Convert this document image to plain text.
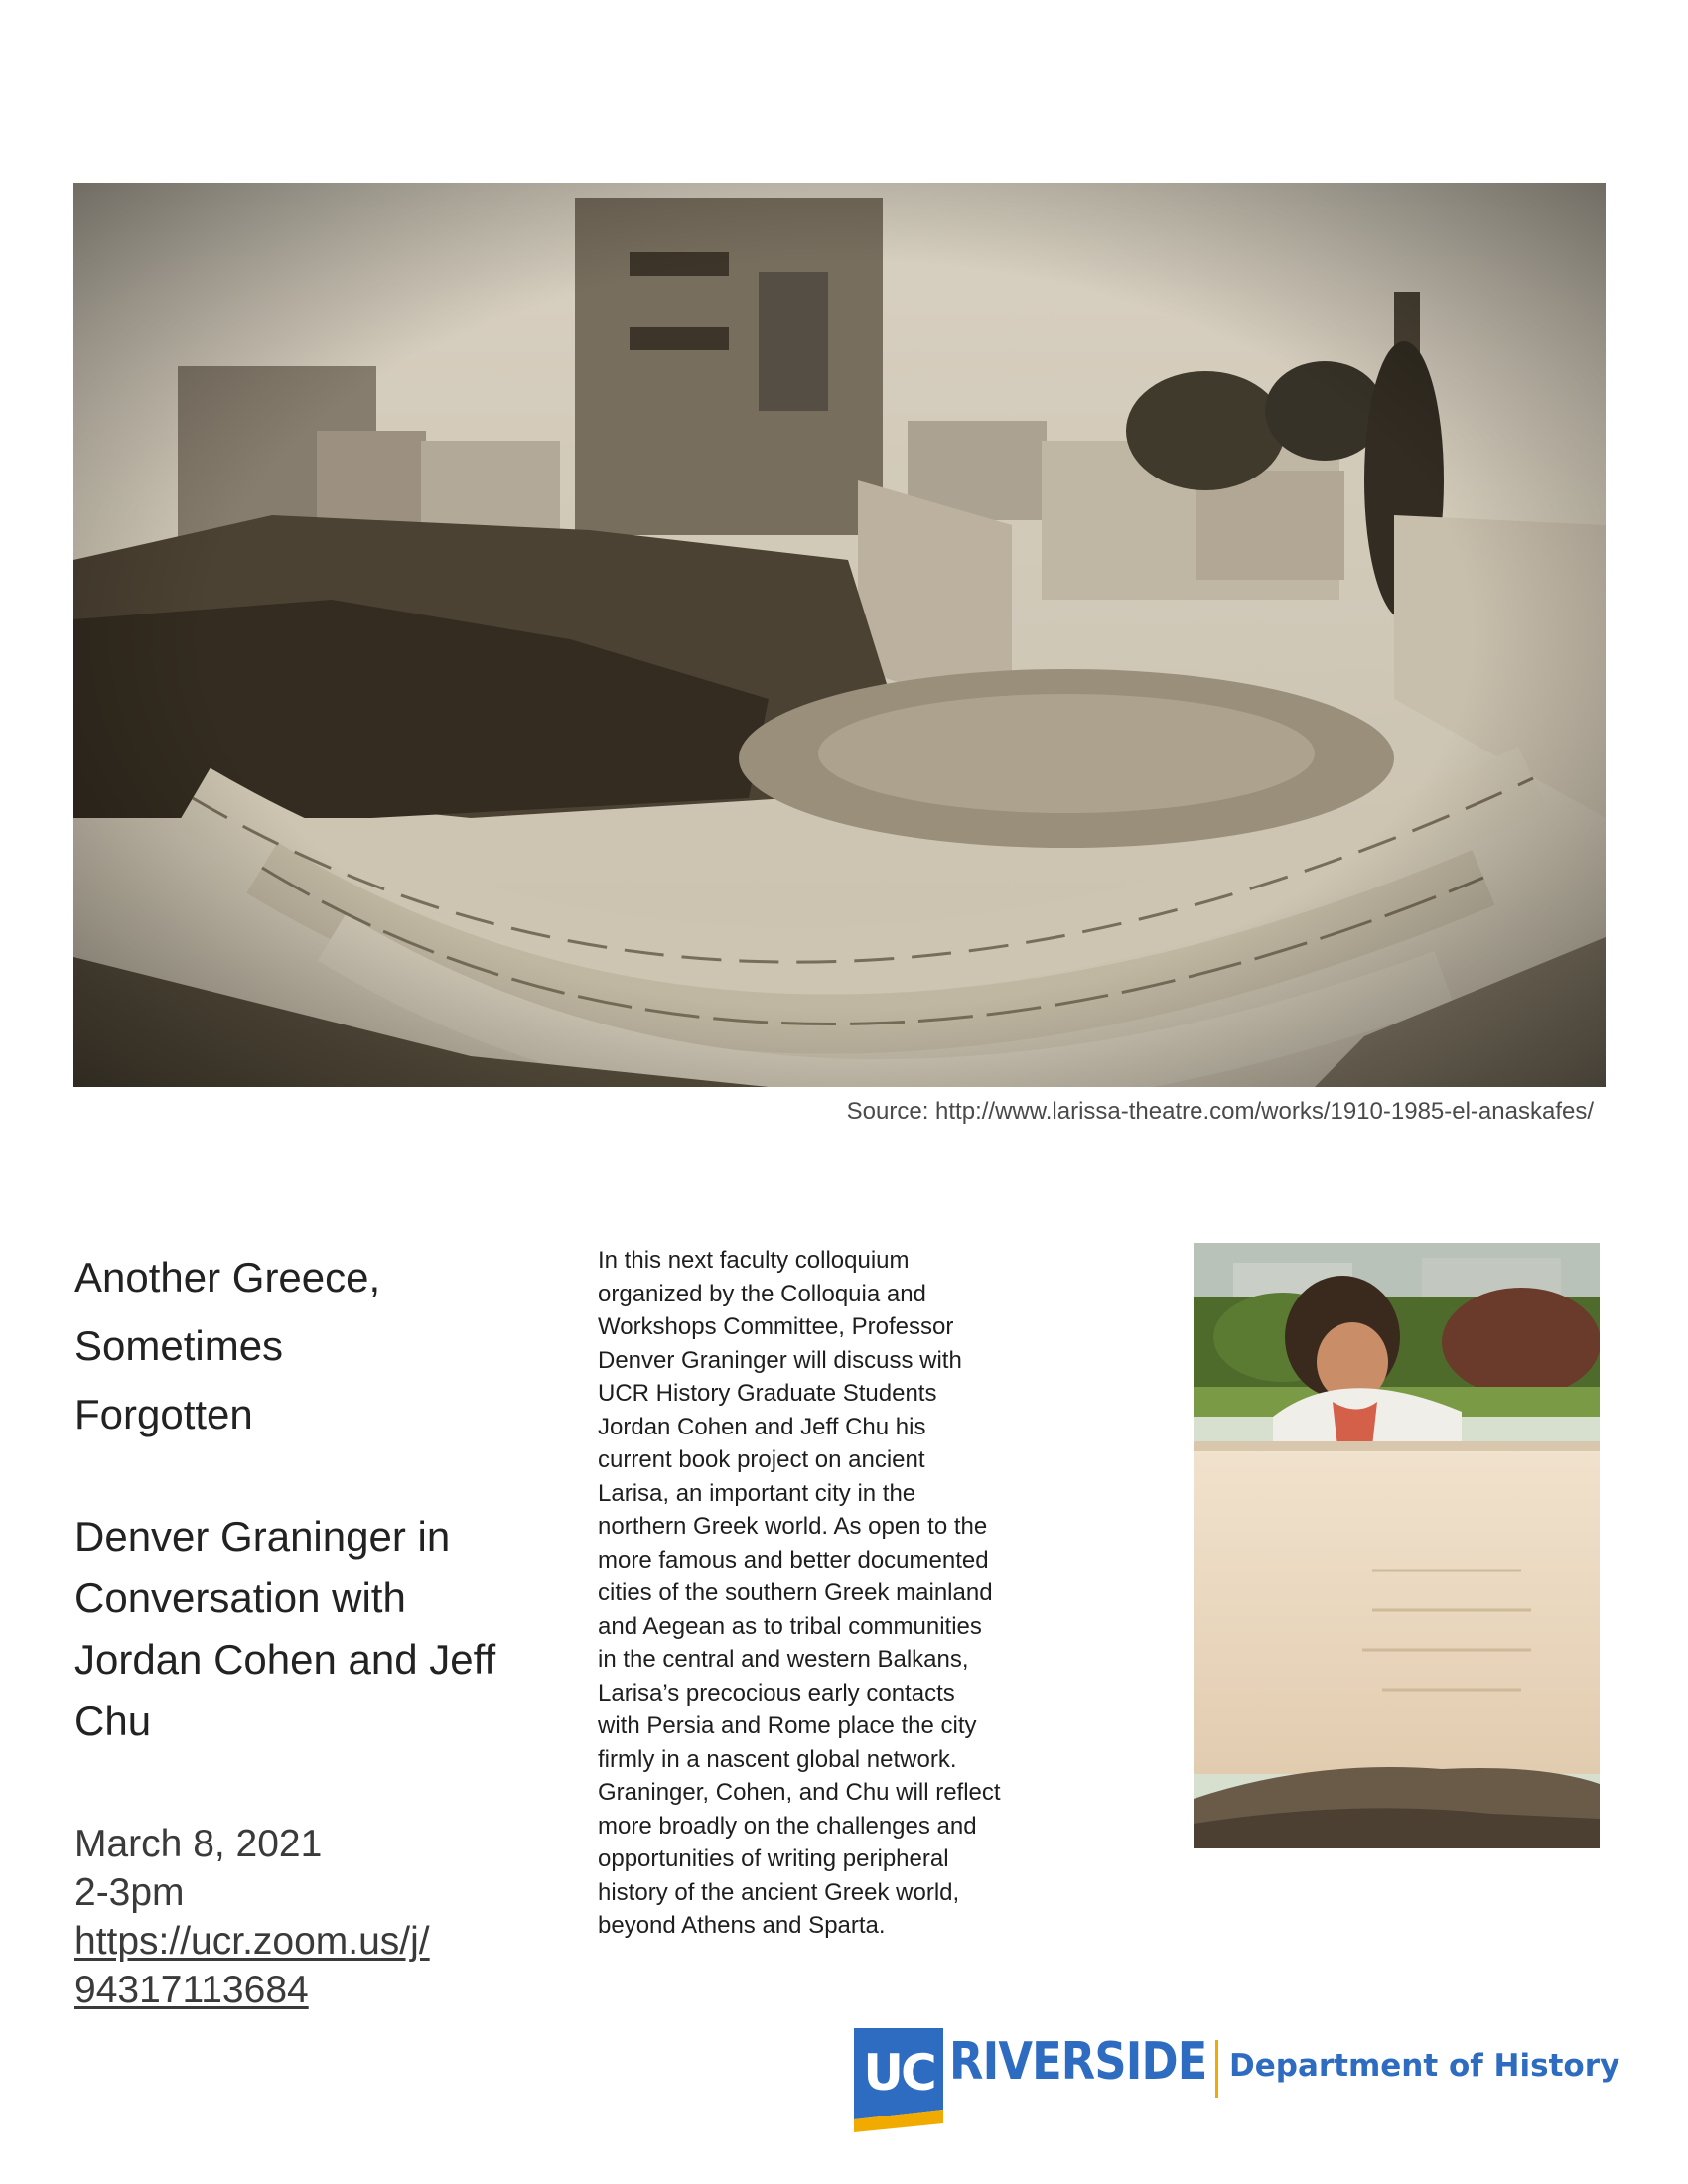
Source: http://www.larissa-theatre.com/works/1910-1985-el-anaskafes/
Another Greece,
Sometimes
Forgotten
Denver Graninger in
Conversation with
Jordan Cohen and Jeff
Chu
March 8, 2021
2-3pm
https://ucr.zoom.us/j/
94317113684
In this next faculty colloquium
organized by the Colloquia and
Workshops Committee, Professor
Denver Graninger will discuss with
UCR History Graduate Students
Jordan Cohen and Jeff Chu his
current book project on ancient
Larisa, an important city in the
northern Greek world. As open to the
more famous and better documented
cities of the southern Greek mainland
and Aegean as to tribal communities
in the central and western Balkans,
Larisa’s precocious early contacts
with Persia and Rome place the city
firmly in a nascent global network.
Graninger, Cohen, and Chu will reflect
more broadly on the challenges and
opportunities of writing peripheral
history of the ancient Greek world,
beyond Athens and Sparta.
UC RIVERSIDE Department of History
